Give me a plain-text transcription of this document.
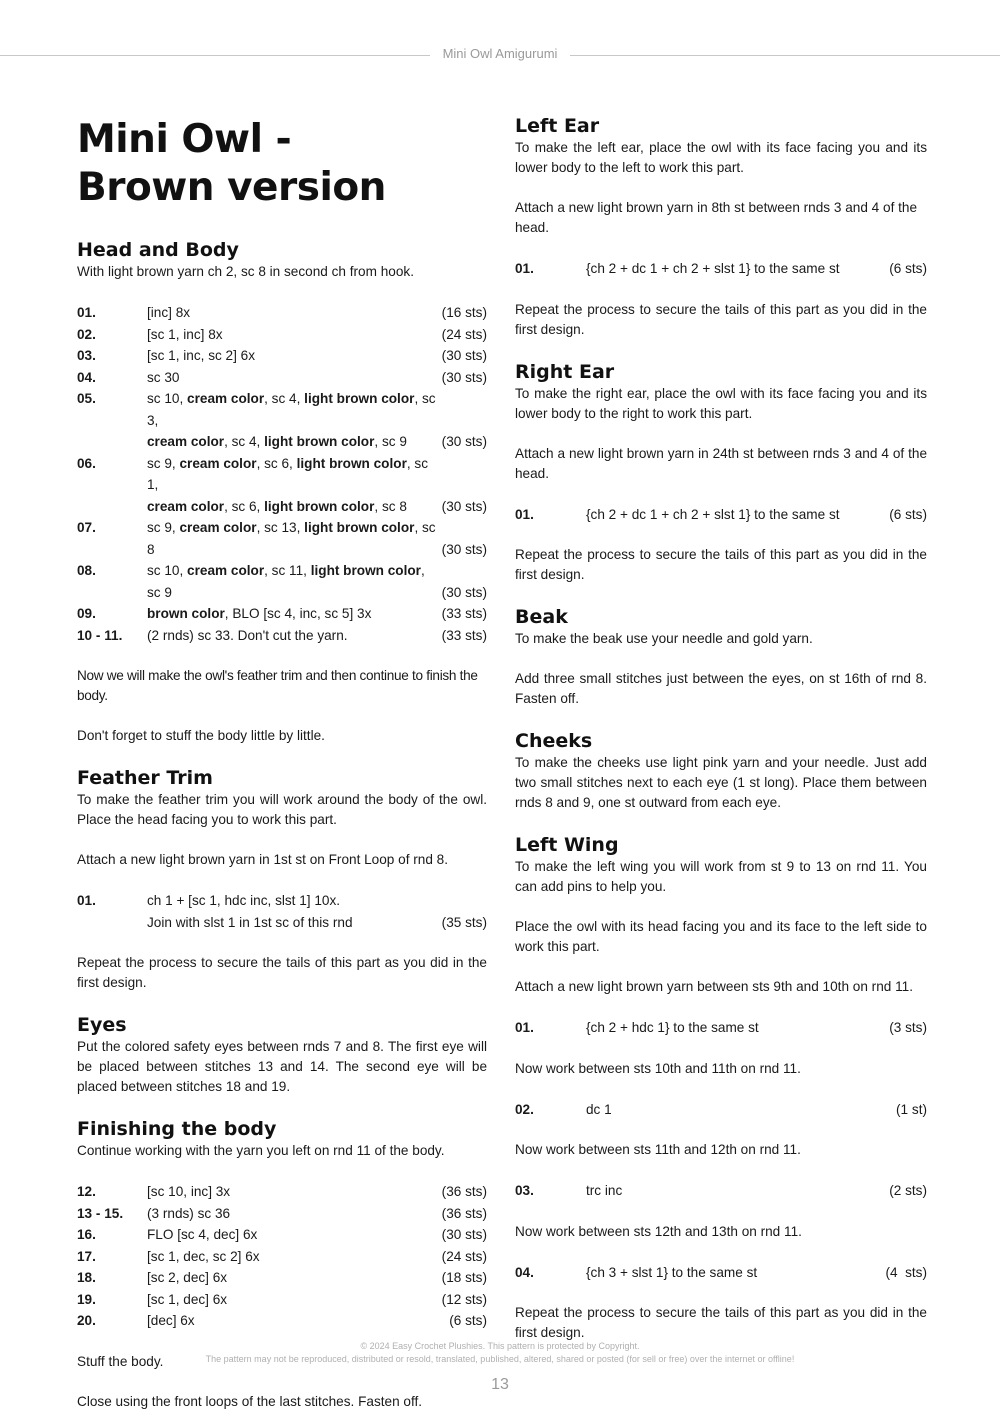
Mini Owl Amigurumi
Mini Owl -
Brown version
Head and Body

With light brown yarn ch 2, sc 8 in second ch from hook.

01.	[inc] 8x	(16 sts)
02.	[sc 1, inc] 8x	(24 sts)
03.	[sc 1, inc, sc 2] 6x	(30 sts)
04.	sc 30	(30 sts)
05.	sc 10, cream color, sc 4, light brown color, sc 3,
cream color, sc 4, light brown color, sc 9	(30 sts)
06.	sc 9, cream color, sc 6, light brown color, sc 1,
cream color, sc 6, light brown color, sc 8	(30 sts)
07.	sc 9, cream color, sc 13, light brown color, sc 8	(30 sts)
08.	sc 10, cream color, sc 11, light brown color, sc 9	(30 sts)
09.	brown color, BLO [sc 4, inc, sc 5] 3x	(33 sts)
10 - 11.	(2 rnds) sc 33. Don't cut the yarn.	(33 sts)

Now we will make the owl's feather trim and then continue to finish the body.

Don't forget to stuff the body little by little.

Feather Trim

To make the feather trim you will work around the body of the owl. Place the head facing you to work this part.

Attach a new light brown yarn in 1st st on Front Loop of rnd 8.

01.	ch 1 + [sc 1, hdc inc, slst 1] 10x.
Join with slst 1 in 1st sc of this rnd	(35 sts)

Repeat the process to secure the tails of this part as you did in the first design.

Eyes

Put the colored safety eyes between rnds 7 and 8. The first eye will be placed between stitches 13 and 14. The second eye will be placed between stitches 18 and 19.

Finishing the body

Continue working with the yarn you left on rnd 11 of the body.

12.	[sc 10, inc] 3x	(36 sts)
13 - 15.	(3 rnds) sc 36	(36 sts)
16.	FLO [sc 4, dec] 6x	(30 sts)
17.	[sc 1, dec, sc 2] 6x	(24 sts)
18.	[sc 2, dec] 6x	(18 sts)
19.	[sc 1, dec] 6x	(12 sts)
20.	[dec] 6x	(6 sts)

Stuff the body.

Close using the front loops of the last stitches. Fasten off.

Left Ear

To make the left ear, place the owl with its face facing you and its lower body to the left to work this part.

Attach a new light brown yarn in 8th st between rnds 3 and 4 of the head.

01.	{ch 2 + dc 1 + ch 2 + slst 1} to the same st	(6 sts)

Repeat the process to secure the tails of this part as you did in the first design.

Right Ear

To make the right ear, place the owl with its face facing you and its lower body to the right to work this part.

Attach a new light brown yarn in 24th st between rnds 3 and 4 of the head.

01.	{ch 2 + dc 1 + ch 2 + slst 1} to the same st	(6 sts)

Repeat the process to secure the tails of this part as you did in the first design.

Beak

To make the beak use your needle and gold yarn.

Add three small stitches just between the eyes, on st 16th of rnd 8. Fasten off.

Cheeks

To make the cheeks use light pink yarn and your needle. Just add two small stitches next to each eye (1 st long). Place them between rnds 8 and 9, one st outward from each eye.

Left Wing

To make the left wing you will work from st 9 to 13 on rnd 11. You can add pins to help you.

Place the owl with its head facing you and its face to the left side to work this part.

Attach a new light brown yarn between sts 9th and 10th on rnd 11.

01.	{ch 2 + hdc 1} to the same st	(3 sts)

Now work between sts 10th and 11th on rnd 11.

02.	dc 1	(1 st)

Now work between sts 11th and 12th on rnd 11.

03.	trc inc	(2 sts)

Now work between sts 12th and 13th on rnd 11.

04.	{ch 3 + slst 1} to the same st	(4  sts)

Repeat the process to secure the tails of this part as you did in the first design.

© 2024 Easy Crochet Plushies. This pattern is protected by Copyright.
The pattern may not be reproduced, distributed or resold, translated, published, altered, shared or posted (for sell or free) over the internet or offline!
13
